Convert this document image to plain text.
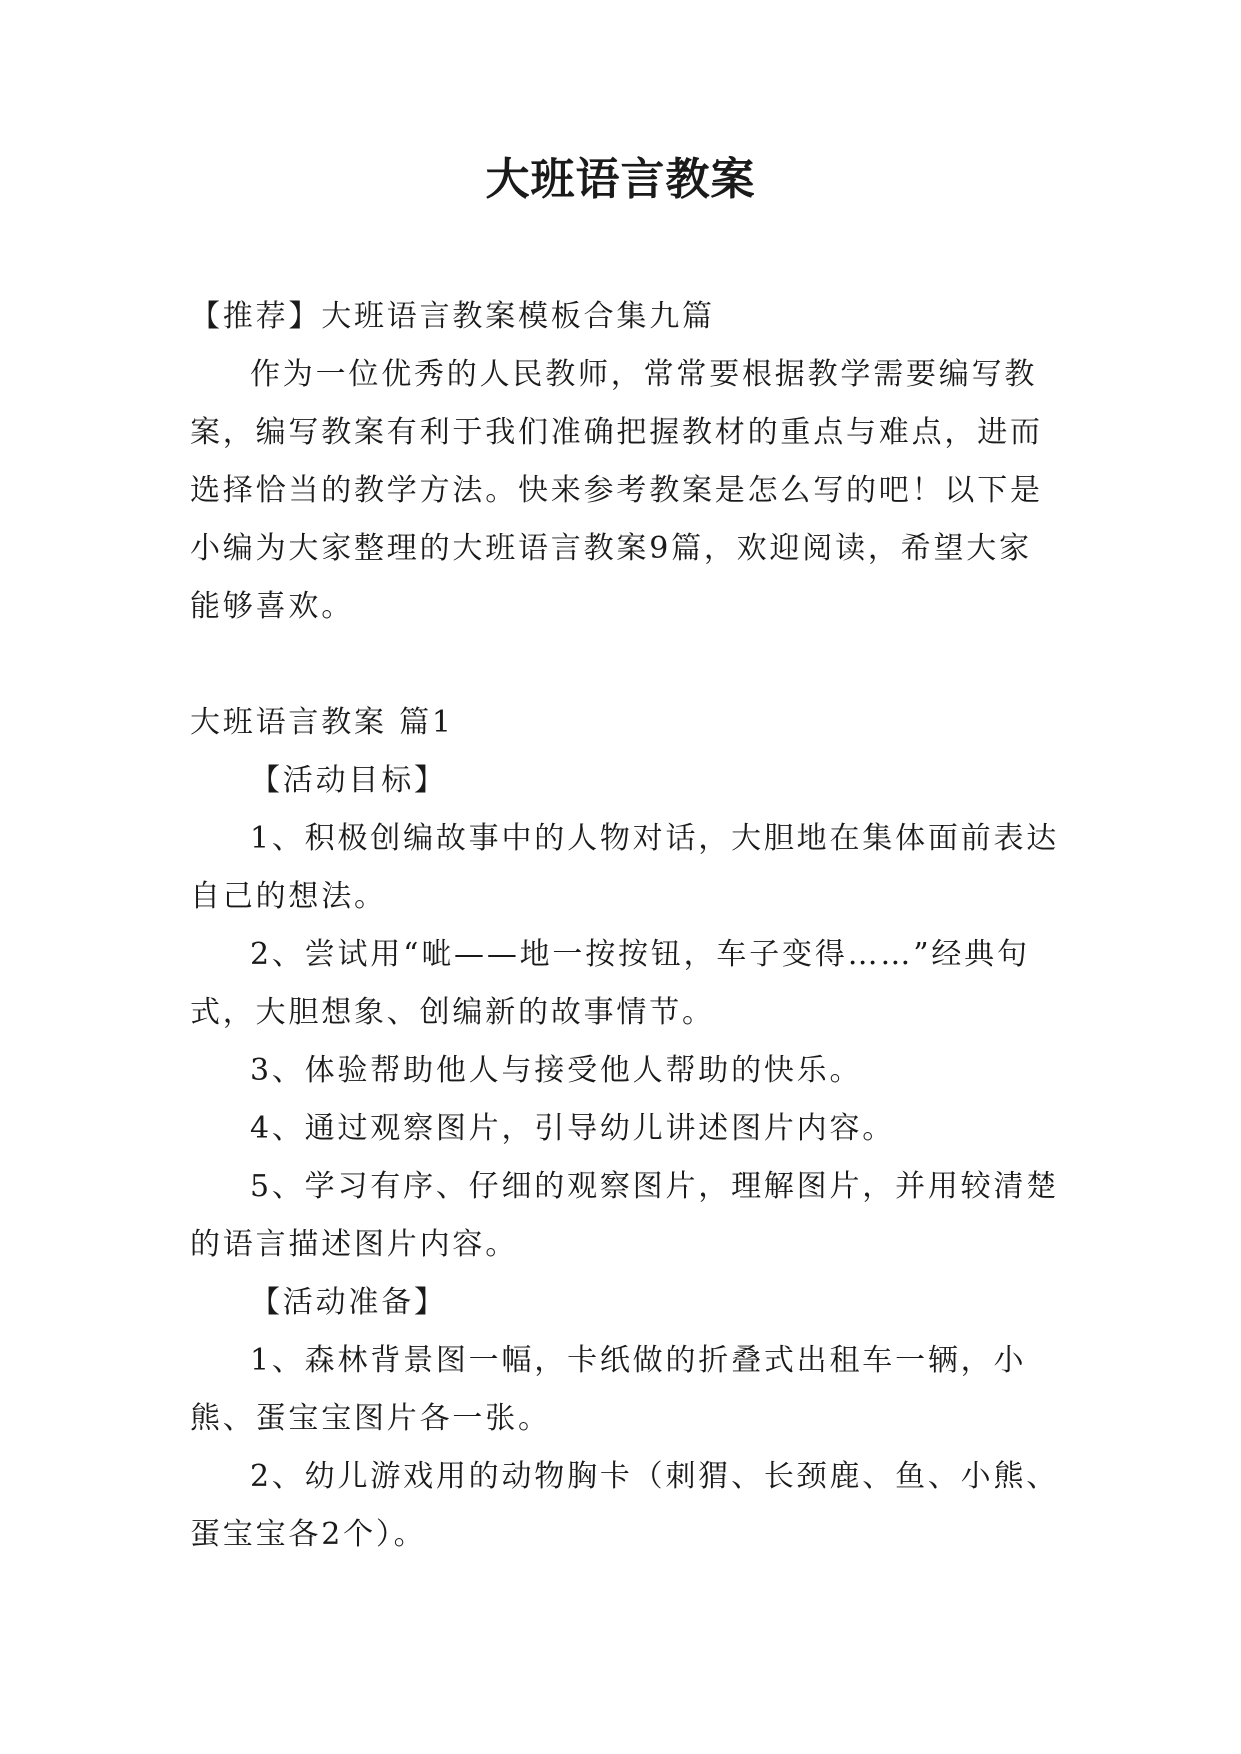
大班语言教案

【推荐】大班语言教案模板合集九篇

作为一位优秀的人民教师，常常要根据教学需要编写教案，编写教案有利于我们准确把握教材的重点与难点，进而选择恰当的教学方法。快来参考教案是怎么写的吧！以下是小编为大家整理的大班语言教案9篇，欢迎阅读，希望大家能够喜欢。

大班语言教案 篇1

【活动目标】

1、积极创编故事中的人物对话，大胆地在集体面前表达自己的想法。

2、尝试用“呲——地一按按钮，车子变得……”经典句式，大胆想象、创编新的故事情节。

3、体验帮助他人与接受他人帮助的快乐。

4、通过观察图片，引导幼儿讲述图片内容。

5、学习有序、仔细的观察图片，理解图片，并用较清楚的语言描述图片内容。

【活动准备】

1、森林背景图一幅，卡纸做的折叠式出租车一辆，小熊、蛋宝宝图片各一张。

2、幼儿游戏用的动物胸卡（刺猬、长颈鹿、鱼、小熊、蛋宝宝各2个）。
